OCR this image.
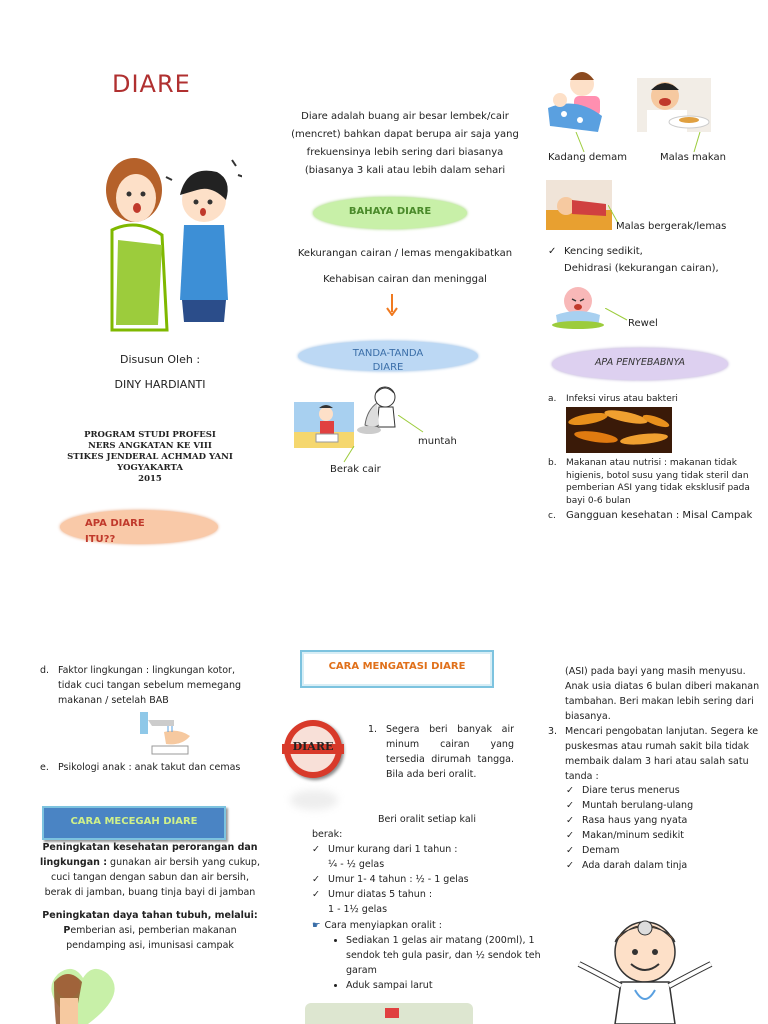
DIARE
Disusun Oleh :
DINY HARDIANTI
PROGRAM STUDI PROFESI
NERS ANGKATAN KE VIII
STIKES JENDERAL ACHMAD YANI
YOGYAKARTA
2015
APA DIARE ITU??
Diare adalah buang air besar lembek/cair (mencret) bahkan dapat berupa air saja yang frekuensinya lebih sering dari biasanya (biasanya 3 kali atau lebih dalam sehari
BAHAYA DIARE
Kekurangan cairan / lemas mengakibatkan
Kehabisan cairan dan meninggal
TANDA-TANDA DIARE
muntah
Berak cair
Kadang demam	Malas makan
Malas bergerak/lemas
✓ Kencing sedikit,
Dehidrasi (kekurangan cairan),
Rewel
APA PENYEBABNYA
a. Infeksi virus atau bakteri
b. Makanan atau nutrisi : makanan tidak higienis, botol susu yang tidak steril dan pemberian ASI yang tidak eksklusif pada bayi 0-6 bulan
c. Gangguan kesehatan : Misal Campak
d. Faktor lingkungan : lingkungan kotor, tidak cuci tangan sebelum memegang makanan / setelah BAB
e. Psikologi anak : anak takut dan cemas
CARA MECEGAH DIARE
Peningkatan kesehatan perorangan dan lingkungan : gunakan air bersih yang cukup, cuci tangan dengan sabun dan air bersih, berak di jamban, buang tinja bayi di jamban
Peningkatan daya tahan tubuh, melalui:
Pemberian asi, pemberian makanan pendamping asi, imunisasi campak
CARA MENGATASI DIARE
DIARE
1. Segera beri banyak air minum cairan yang tersedia dirumah tangga. Bila ada beri oralit.
Beri oralit setiap kali
berak:
✓ Umur kurang dari 1 tahun :
¼ - ½ gelas
✓ Umur 1- 4 tahun : ½ - 1 gelas
✓ Umur diatas 5 tahun :
1 - 1½ gelas
☛ Cara menyiapkan oralit :
• Sediakan 1 gelas air matang (200ml), 1 sendok teh gula pasir, dan ½ sendok teh garam
• Aduk sampai larut
(ASI) pada bayi yang masih menyusu. Anak usia diatas 6 bulan diberi makanan tambahan. Beri makan lebih sering dari biasanya.
3. Mencari pengobatan lanjutan. Segera ke puskesmas atau rumah sakit bila tidak membaik dalam 3 hari atau salah satu tanda :
✓ Diare terus menerus
✓ Muntah berulang-ulang
✓ Rasa haus yang nyata
✓ Makan/minum sedikit
✓ Demam
✓ Ada darah dalam tinja
